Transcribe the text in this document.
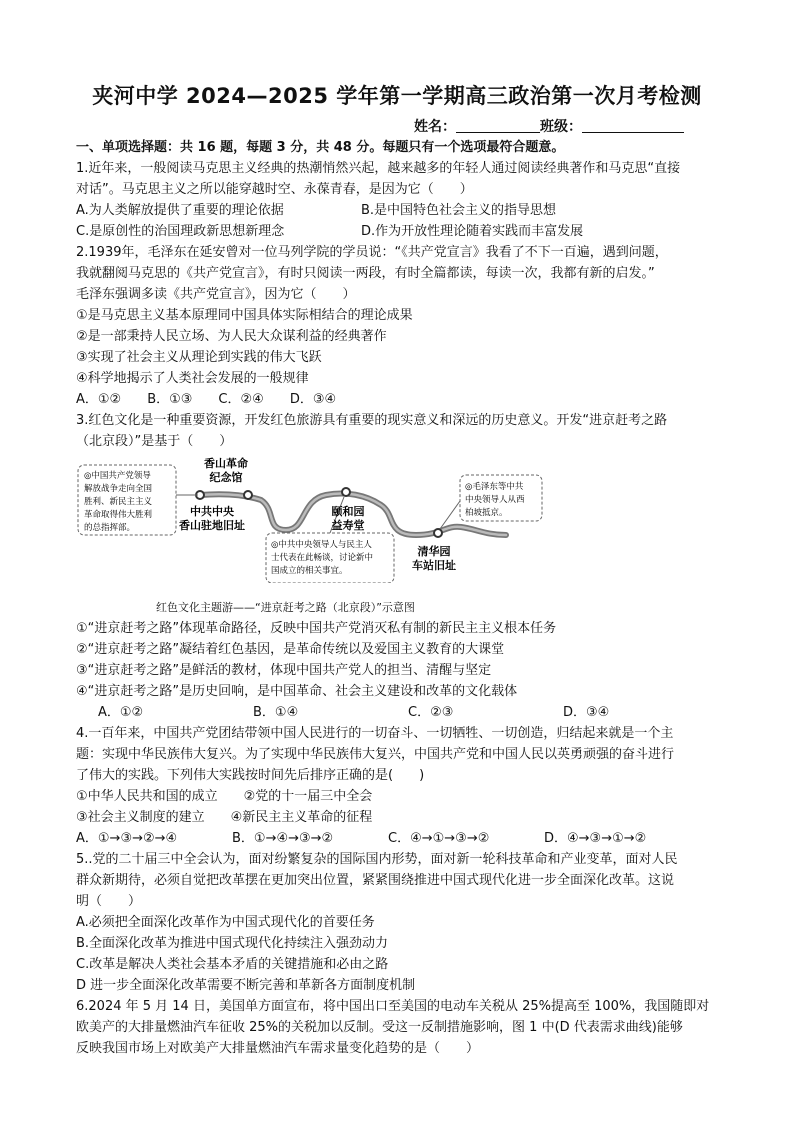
夹河中学 2024—2025 学年第一学期高三政治第一次月考检测
姓名：	班级：

一、单项选择题：共 16 题，每题 3 分，共 48 分。每题只有一个选项最符合题意。

1.近年来，一般阅读马克思主义经典的热潮悄然兴起，越来越多的年轻人通过阅读经典著作和马克思“直接

对话”。马克思主义之所以能穿越时空、永葆青春，是因为它（　　）

A.为人类解放提供了重要的理论依据	B.是中国特色社会主义的指导思想
C.是原创性的治国理政新思想新理念	D.作为开放性理论随着实践而丰富发展

2.1939年，毛泽东在延安曾对一位马列学院的学员说：“《共产党宣言》我看了不下一百遍，遇到问题，

我就翻阅马克思的《共产党宣言》，有时只阅读一两段，有时全篇都读，每读一次，我都有新的启发。”

毛泽东强调多读《共产党宣言》，因为它（　　）

①是马克思主义基本原理同中国具体实际相结合的理论成果

②是一部秉持人民立场、为人民大众谋利益的经典著作

③实现了社会主义从理论到实践的伟大飞跃

④科学地揭示了人类社会发展的一般规律

A．①②　　B．①③　　C．②④　　D．③④

3.红色文化是一种重要资源，开发红色旅游具有重要的现实意义和深远的历史意义。开发“进京赶考之路

（北京段）”是基于（　　）

香山革命
纪念馆
中共中央
香山驻地旧址
颐和园
益寿堂
清华园
车站旧址
◎中国共产党领导
解放战争走向全国
胜利、新民主主义
革命取得伟大胜利
的总指挥部。
◎中共中央领导人与民主人
士代表在此畅谈，讨论新中
国成立的相关事宜。
◎毛泽东等中共
中央领导人从西
柏坡抵京。

红色文化主题游——“进京赶考之路（北京段）”示意图

①“进京赶考之路”体现革命路径，反映中国共产党消灭私有制的新民主主义根本任务

②“进京赶考之路”凝结着红色基因，是革命传统以及爱国主义教育的大课堂

③“进京赶考之路”是鲜活的教材，体现中国共产党人的担当、清醒与坚定

④“进京赶考之路”是历史回响，是中国革命、社会主义建设和改革的文化载体

A．①②	B．①④	C．②③	D．③④

4.一百年来，中国共产党团结带领中国人民进行的一切奋斗、一切牺牲、一切创造，归结起来就是一个主

题：实现中华民族伟大复兴。为了实现中华民族伟大复兴，中国共产党和中国人民以英勇顽强的奋斗进行

了伟大的实践。下列伟大实践按时间先后排序正确的是(　　)

①中华人民共和国的成立　　②党的十一届三中全会

③社会主义制度的建立　　④新民主主义革命的征程

A．①→③→②→④	B．①→④→③→②	C．④→①→③→②	D．④→③→①→②

5..党的二十届三中全会认为，面对纷繁复杂的国际国内形势，面对新一轮科技革命和产业变革，面对人民

群众新期待，必须自觉把改革摆在更加突出位置，紧紧围绕推进中国式现代化进一步全面深化改革。这说

明（　　）

A.必须把全面深化改革作为中国式现代化的首要任务

B.全面深化改革为推进中国式现代化持续注入强劲动力

C.改革是解决人类社会基本矛盾的关键措施和必由之路

D 进一步全面深化改革需要不断完善和革新各方面制度机制

6.2024 年 5 月 14 日，美国单方面宣布，将中国出口至美国的电动车关税从 25%提高至 100%，我国随即对

欧美产的大排量燃油汽车征收 25%的关税加以反制。受这一反制措施影响，图 1 中(D 代表需求曲线)能够

反映我国市场上对欧美产大排量燃油汽车需求量变化趋势的是（　　）
